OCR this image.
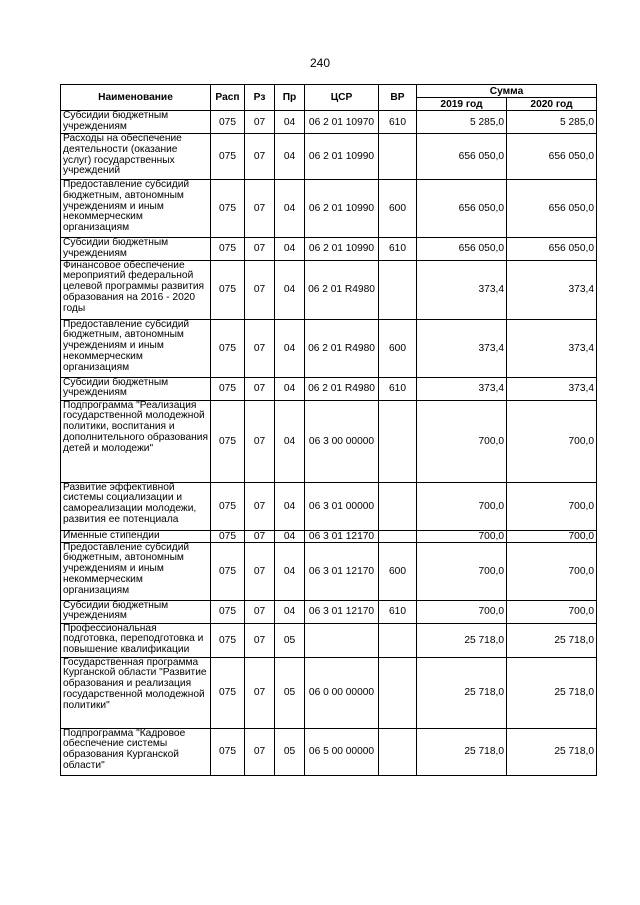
240
Наименование	Расп	Рз	Пр	ЦСР	ВР	Сумма	
						2019 год	2020 год
Субсидии бюджетным учреждениям	075	07	04	06 2 01 10970	610	5 285,0	5 285,0
Расходы на обеспечение деятельности (оказание услуг) государственных учреждений	075	07	04	06 2 01 10990		656 050,0	656 050,0
Предоставление субсидий бюджетным, автономным учреждениям и иным некоммерческим организациям	075	07	04	06 2 01 10990	600	656 050,0	656 050,0
Субсидии бюджетным учреждениям	075	07	04	06 2 01 10990	610	656 050,0	656 050,0
Финансовое обеспечение мероприятий федеральной целевой программы развития образования на 2016 - 2020 годы	075	07	04	06 2 01 R4980		373,4	373,4
Предоставление субсидий бюджетным, автономным учреждениям и иным некоммерческим организациям	075	07	04	06 2 01 R4980	600	373,4	373,4
Субсидии бюджетным учреждениям	075	07	04	06 2 01 R4980	610	373,4	373,4
Подпрограмма "Реализация государственной молодежной политики, воспитания и дополнительного образования детей и молодежи"	075	07	04	06 3 00 00000		700,0	700,0
Развитие эффективной системы социализации и самореализации молодежи, развития ее потенциала	075	07	04	06 3 01 00000		700,0	700,0
Именные стипендии	075	07	04	06 3 01 12170		700,0	700,0
Предоставление субсидий бюджетным, автономным учреждениям и иным некоммерческим организациям	075	07	04	06 3 01 12170	600	700,0	700,0
Субсидии бюджетным учреждениям	075	07	04	06 3 01 12170	610	700,0	700,0
Профессиональная подготовка, переподготовка и повышение квалификации	075	07	05			25 718,0	25 718,0
Государственная программа Курганской области "Развитие образования и реализация государственной молодежной политики"	075	07	05	06 0 00 00000		25 718,0	25 718,0
Подпрограмма "Кадровое обеспечение системы образования Курганской области"	075	07	05	06 5 00 00000		25 718,0	25 718,0
